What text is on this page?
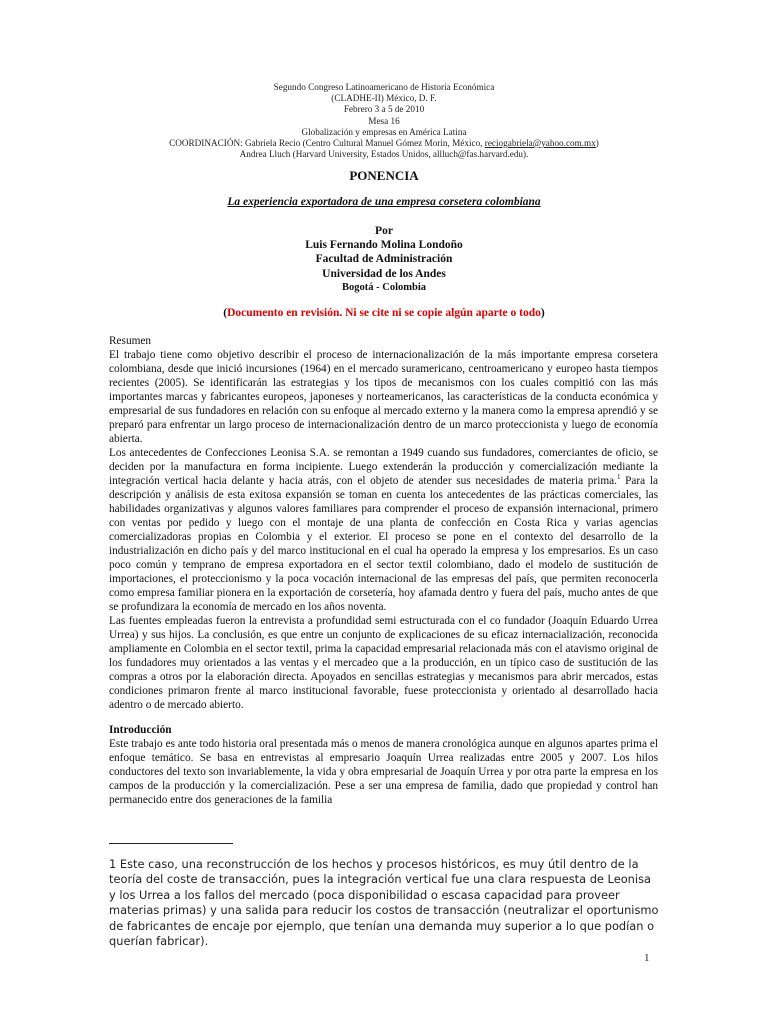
Segundo Congreso Latinoamericano de Historia Económica
(CLADHE-II) México, D. F.
Febrero 3 a 5 de 2010
Mesa 16
Globalización y empresas en América Latina
COORDINACIÓN: Gabriela Recio (Centro Cultural Manuel Gómez Morin, México, reciogabriela@yahoo.com.mx)
Andrea Lluch (Harvard University, Estados Unidos, allluch@fas.harvard.edu).
PONENCIA
La experiencia exportadora de una empresa corsetera colombiana
Por
Luis Fernando Molina Londoño
Facultad de Administración
Universidad de los Andes
Bogotá - Colombia
(Documento en revisión. Ni se cite ni se copie algún aparte o todo)

Resumen

El trabajo tiene como objetivo describir el proceso de internacionalización de la más importante empresa corsetera colombiana, desde que inició incursiones (1964) en el mercado suramericano, centroamericano y europeo hasta tiempos recientes (2005). Se identificarán las estrategias y los tipos de mecanismos con los cuales compitió con las más importantes marcas y fabricantes europeos, japoneses y norteamericanos, las características de la conducta económica y empresarial de sus fundadores en relación con su enfoque al mercado externo y la manera como la empresa aprendió y se preparó para enfrentar un largo proceso de internacionalización dentro de un marco proteccionista y luego de economía abierta.

Los antecedentes de Confecciones Leonisa S.A. se remontan a 1949 cuando sus fundadores, comerciantes de oficio, se deciden por la manufactura en forma incipiente. Luego extenderán la producción y comercialización mediante la integración vertical hacia delante y hacia atrás, con el objeto de atender sus necesidades de materia prima.$^1$ Para la descripción y análisis de esta exitosa expansión se toman en cuenta los antecedentes de las prácticas comerciales, las habilidades organizativas y algunos valores familiares para comprender el proceso de expansión internacional, primero con ventas por pedido y luego con el montaje de una planta de confección en Costa Rica y varias agencias comercializadoras propias en Colombia y el exterior. El proceso se pone en el contexto del desarrollo de la industrialización en dicho país y del marco institucional en el cual ha operado la empresa y los empresarios. Es un caso poco común y temprano de empresa exportadora en el sector textil colombiano, dado el modelo de sustitución de importaciones, el proteccionismo y la poca vocación internacional de las empresas del país, que permiten reconocerla como empresa familiar pionera en la exportación de corsetería, hoy afamada dentro y fuera del país, mucho antes de que se profundizara la economía de mercado en los años noventa.

Las fuentes empleadas fueron la entrevista a profundidad semi estructurada con el co fundador (Joaquín Eduardo Urrea Urrea) y sus hijos. La conclusión, es que entre un conjunto de explicaciones de su eficaz internacialización, reconocida ampliamente en Colombia en el sector textil, prima la capacidad empresarial relacionada más con el atavismo original de los fundadores muy orientados a las ventas y el mercadeo que a la producción, en un típico caso de sustitución de las compras a otros por la elaboración directa. Apoyados en sencillas estrategias y mecanismos para abrir mercados, estas condiciones primaron frente al marco institucional favorable, fuese proteccionista y orientado al desarrollado hacia adentro o de mercado abierto.

Introducción

Este trabajo es ante todo historia oral presentada más o menos de manera cronológica aunque en algunos apartes prima el enfoque temático. Se basa en entrevistas al empresario Joaquín Urrea realizadas entre 2005 y 2007. Los hilos conductores del texto son invariablemente, la vida y obra empresarial de Joaquín Urrea y por otra parte la empresa en los campos de la producción y la comercialización. Pese a ser una empresa de familia, dado que propiedad y control han permanecido entre dos generaciones de la familia

1 Este caso, una reconstrucción de los hechos y procesos históricos, es muy útil dentro de la teoría del coste de transacción, pues la integración vertical fue una clara respuesta de Leonisa y los Urrea a los fallos del mercado (poca disponibilidad o escasa capacidad para proveer materias primas) y una salida para reducir los costos de transacción (neutralizar el oportunismo de fabricantes de encaje por ejemplo, que tenían una demanda muy superior a lo que podían o querían fabricar).
1
